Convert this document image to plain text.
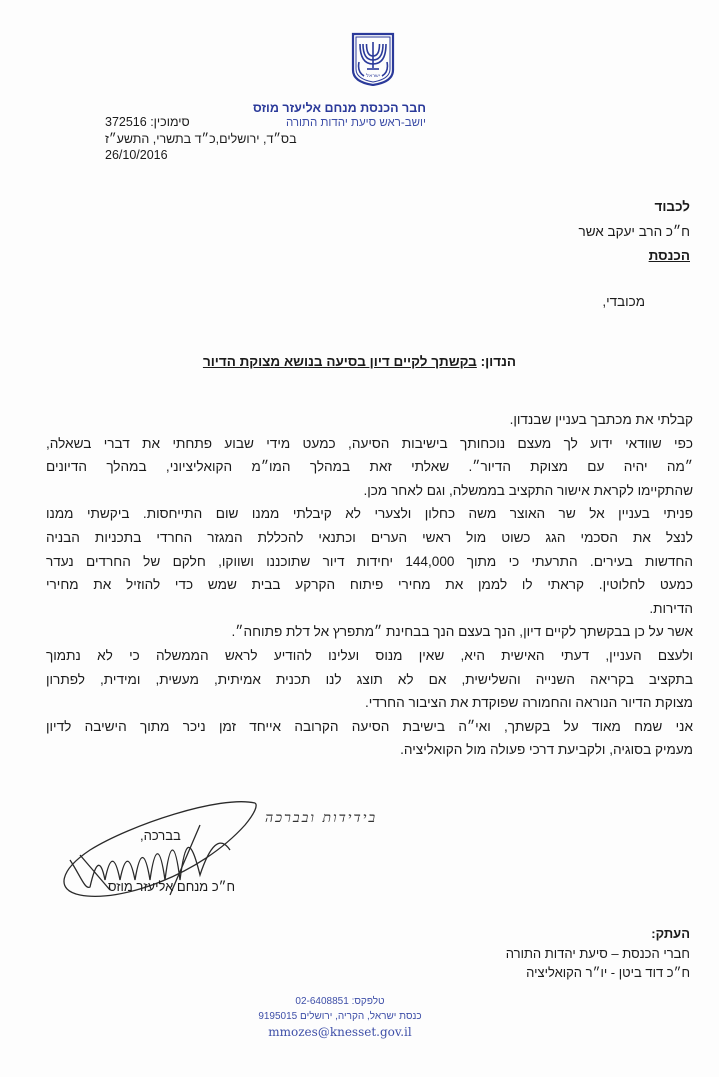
ישראל
חבר הכנסת מנחם אליעזר מוזס
יושב-ראש סיעת יהדות התורה
סימוכין: 372516
בס״ד, ירושלים,כ״ד בתשרי, התשע״ז
26/10/2016
לכבוד
ח״כ הרב יעקב אשר
הכנסת
מכובדי,
הנדון: בקשתך לקיים דיון בסיעה בנושא מצוקת הדיור
קבלתי את מכתבך בעניין שבנדון.
כפי שוודאי ידוע לך מעצם נוכחותך בישיבות הסיעה, כמעט מידי שבוע פתחתי את דברי בשאלה,
״מה יהיה עם מצוקת הדיור״. שאלתי זאת במהלך המו״מ הקואליציוני, במהלך הדיונים
שהתקיימו לקראת אישור התקציב בממשלה, וגם לאחר מכן.
פניתי בעניין אל שר האוצר משה כחלון ולצערי לא קיבלתי ממנו שום התייחסות. ביקשתי ממנו
לנצל את הסכמי הגג כשוט מול ראשי הערים וכתנאי להכללת המגזר החרדי בתכניות הבניה
החדשות בעירים. התרעתי כי מתוך 144,000 יחידות דיור שתוכננו ושווקו, חלקם של החרדים נעדר
כמעט לחלוטין. קראתי לו לממן את מחירי פיתוח הקרקע בבית שמש כדי להוזיל את מחירי
הדירות.
אשר על כן בבקשתך לקיים דיון, הנך בעצם הנך בבחינת ״מתפרץ אל דלת פתוחה״.
ולעצם העניין, דעתי האישית היא, שאין מנוס ועלינו להודיע לראש הממשלה כי לא נתמוך
בתקציב בקריאה השנייה והשלישית, אם לא תוצג לנו תכנית אמיתית, מעשית, ומידית, לפתרון
מצוקת הדיור הנוראה והחמורה שפוקדת את הציבור החרדי.
אני שמח מאוד על בקשתך, ואי״ה בישיבת הסיעה הקרובה אייחד זמן ניכר מתוך הישיבה לדיון
מעמיק בסוגיה, ולקביעת דרכי פעולה מול הקואליציה.
בידידות ובברכה
בברכה,
ח״כ מנחם אליעזר מוזס
העתק:
חברי הכנסת – סיעת יהדות התורה
ח״כ דוד ביטן - יו״ר הקואליציה
טלפקס: 02-6408851
כנסת ישראל, הקריה, ירושלים 9195015
mmozes@knesset.gov.il
